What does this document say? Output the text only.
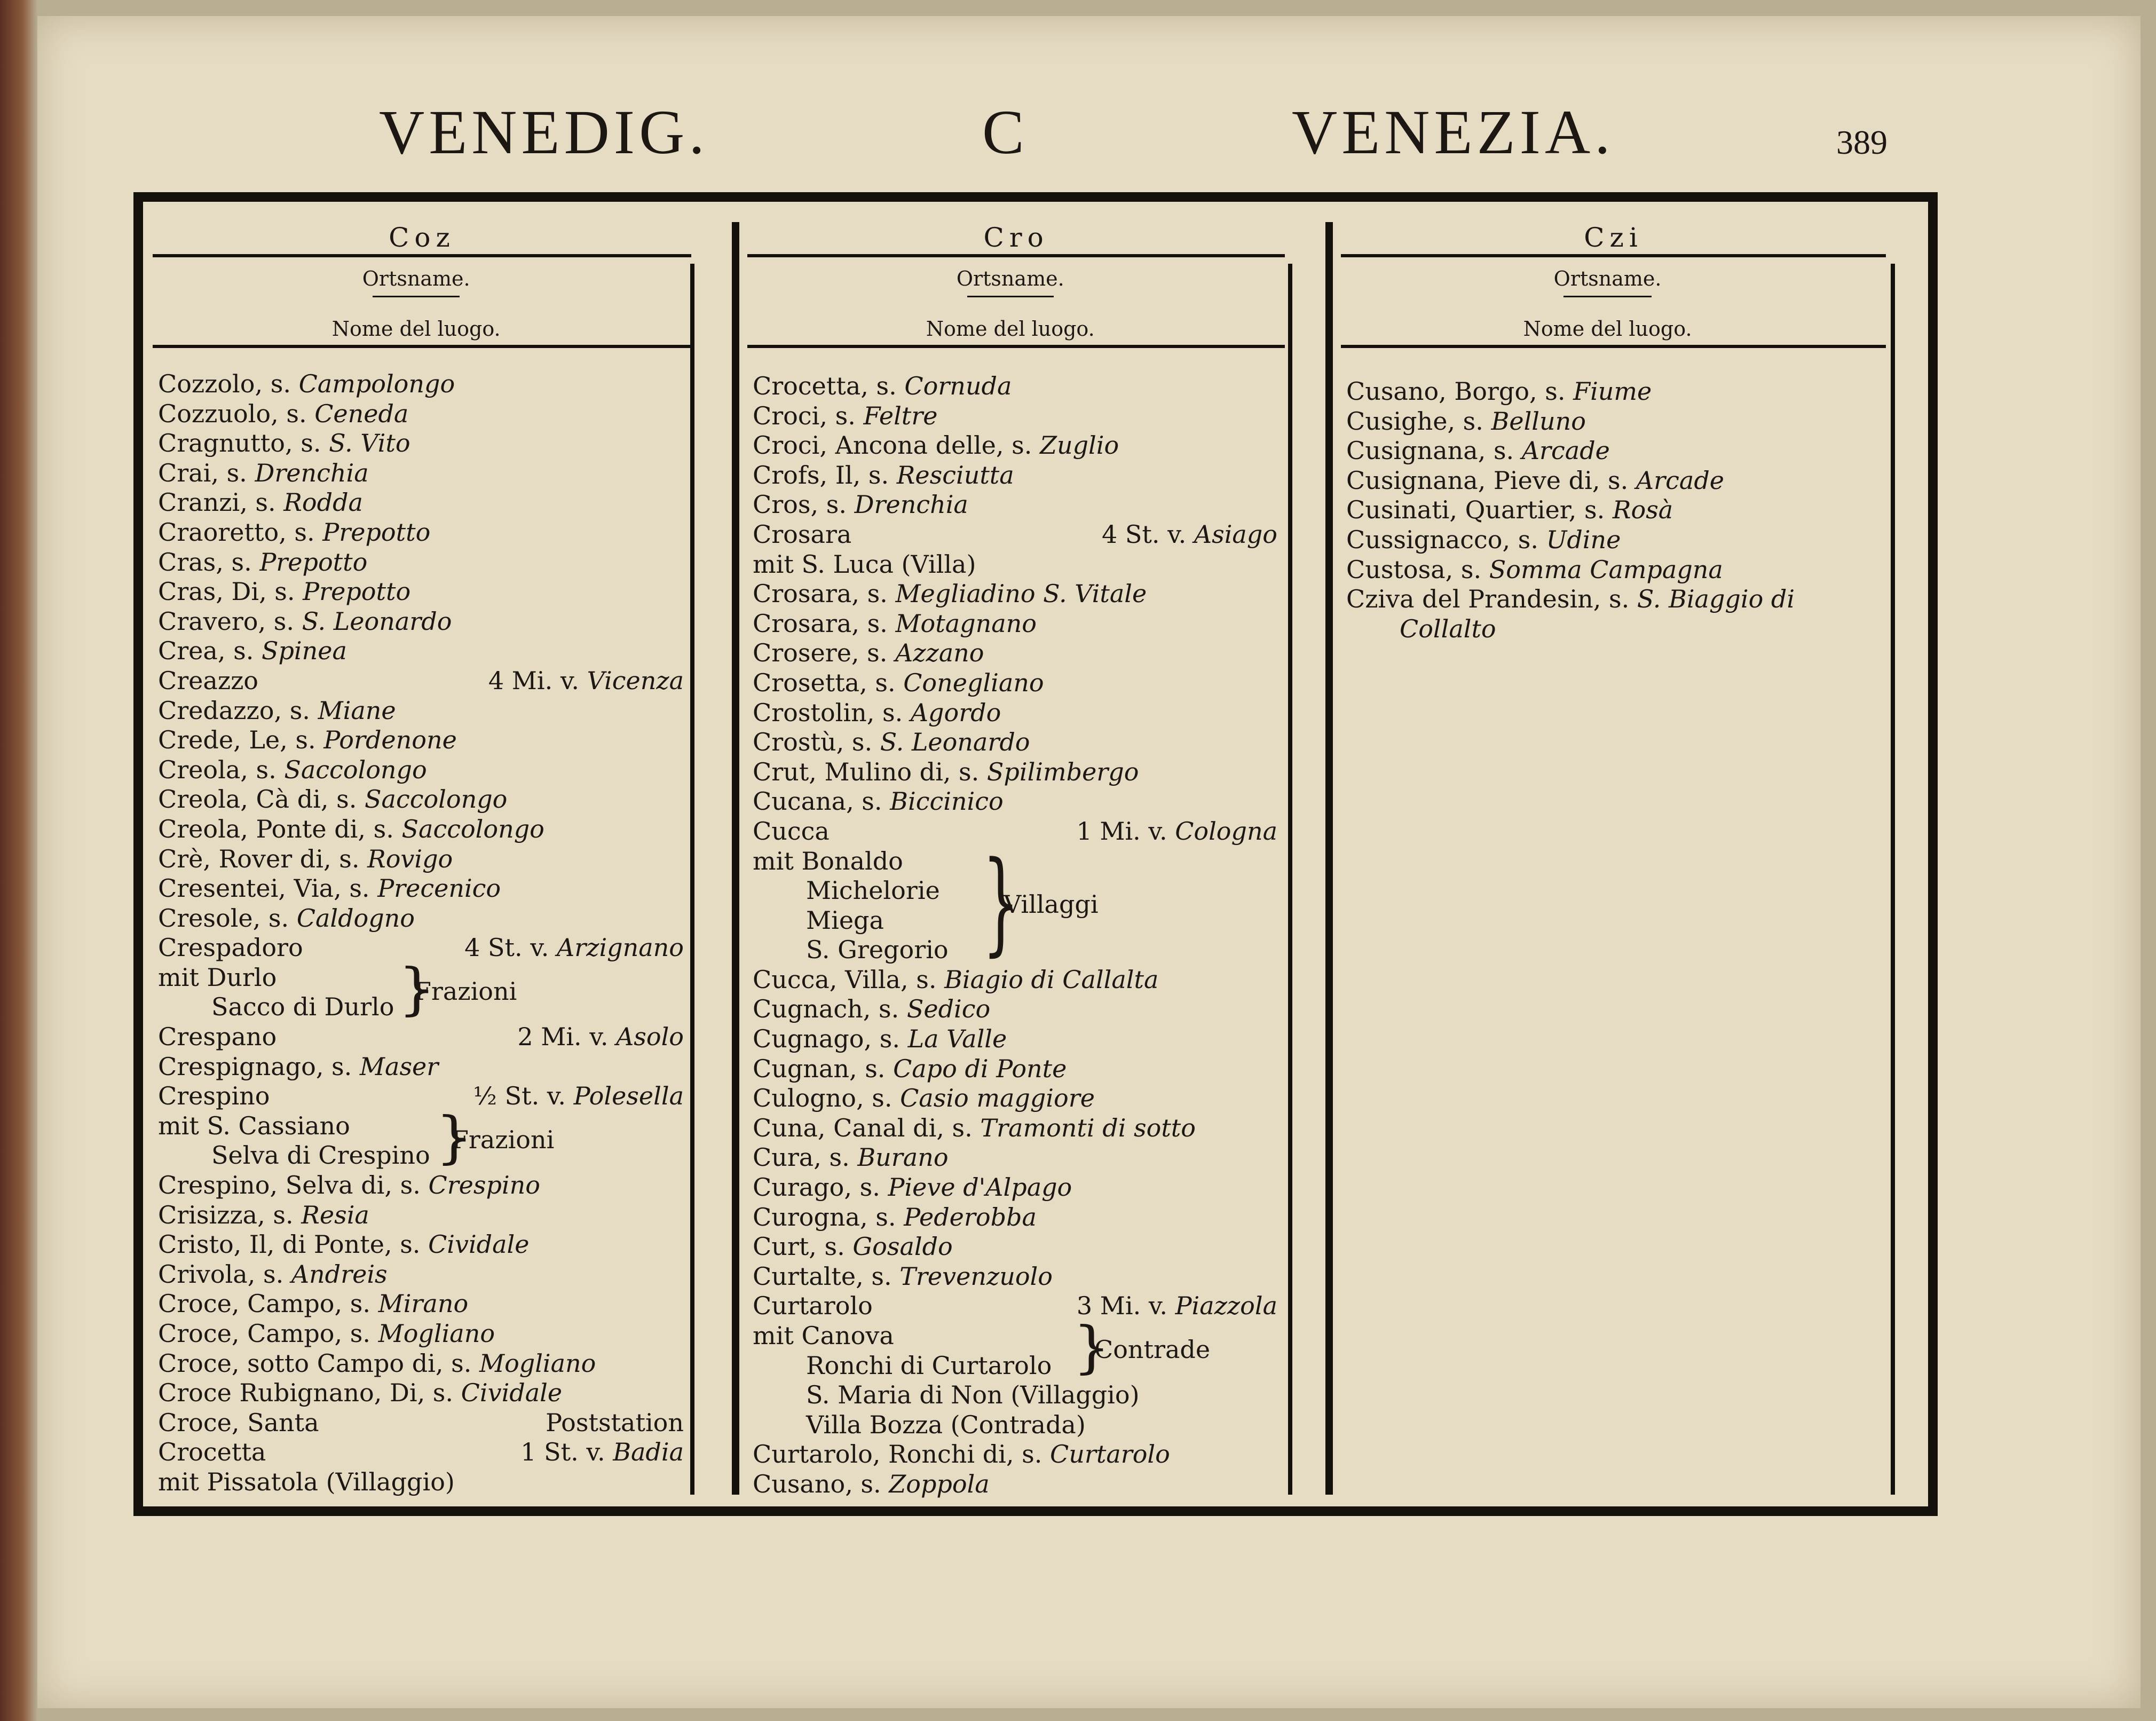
VENEDIG.	C	VENEZIA.	389
Coz
Ortsname.
Nome del luogo.
Cozzolo, s. Campolongo
Cozzuolo, s. Ceneda
Cragnutto, s. S. Vito
Crai, s. Drenchia
Cranzi, s. Rodda
Craoretto, s. Prepotto
Cras, s. Prepotto
Cras, Di, s. Prepotto
Cravero, s. S. Leonardo
Crea, s. Spinea
Creazzo	4 Mi. v. Vicenza
Credazzo, s. Miane
Crede, Le, s. Pordenone
Creola, s. Saccolongo
Creola, Cà di, s. Saccolongo
Creola, Ponte di, s. Saccolongo
Crè, Rover di, s. Rovigo
Cresentei, Via, s. Precenico
Cresole, s. Caldogno
Crespadoro	4 St. v. Arzignano
mit Durlo
Sacco di Durlo
Crespano	2 Mi. v. Asolo
Crespignago, s. Maser
Crespino	½ St. v. Polesella
mit S. Cassiano
Selva di Crespino
Crespino, Selva di, s. Crespino
Crisizza, s. Resia
Cristo, Il, di Ponte, s. Cividale
Crivola, s. Andreis
Croce, Campo, s. Mirano
Croce, Campo, s. Mogliano
Croce, sotto Campo di, s. Mogliano
Croce Rubignano, Di, s. Cividale
Croce, Santa	Poststation
Crocetta	1 St. v. Badia
mit Pissatola (Villaggio)
}
Frazioni
}
Frazioni
Cro
Ortsname.
Nome del luogo.
Crocetta, s. Cornuda
Croci, s. Feltre
Croci, Ancona delle, s. Zuglio
Crofs, Il, s. Resciutta
Cros, s. Drenchia
Crosara	4 St. v. Asiago
mit S. Luca (Villa)
Crosara, s. Megliadino S. Vitale
Crosara, s. Motagnano
Crosere, s. Azzano
Crosetta, s. Conegliano
Crostolin, s. Agordo
Crostù, s. S. Leonardo
Crut, Mulino di, s. Spilimbergo
Cucana, s. Biccinico
Cucca	1 Mi. v. Cologna
mit Bonaldo
Michelorie
Miega
S. Gregorio
Cucca, Villa, s. Biagio di Callalta
Cugnach, s. Sedico
Cugnago, s. La Valle
Cugnan, s. Capo di Ponte
Culogno, s. Casio maggiore
Cuna, Canal di, s. Tramonti di sotto
Cura, s. Burano
Curago, s. Pieve d'Alpago
Curogna, s. Pederobba
Curt, s. Gosaldo
Curtalte, s. Trevenzuolo
Curtarolo	3 Mi. v. Piazzola
mit Canova
Ronchi di Curtarolo
S. Maria di Non (Villaggio)
Villa Bozza (Contrada)
Curtarolo, Ronchi di, s. Curtarolo
Cusano, s. Zoppola
}
Villaggi
}
Contrade
Czi
Ortsname.
Nome del luogo.
Cusano, Borgo, s. Fiume
Cusighe, s. Belluno
Cusignana, s. Arcade
Cusignana, Pieve di, s. Arcade
Cusinati, Quartier, s. Rosà
Cussignacco, s. Udine
Custosa, s. Somma Campagna
Cziva del Prandesin, s. S. Biaggio di
Collalto
